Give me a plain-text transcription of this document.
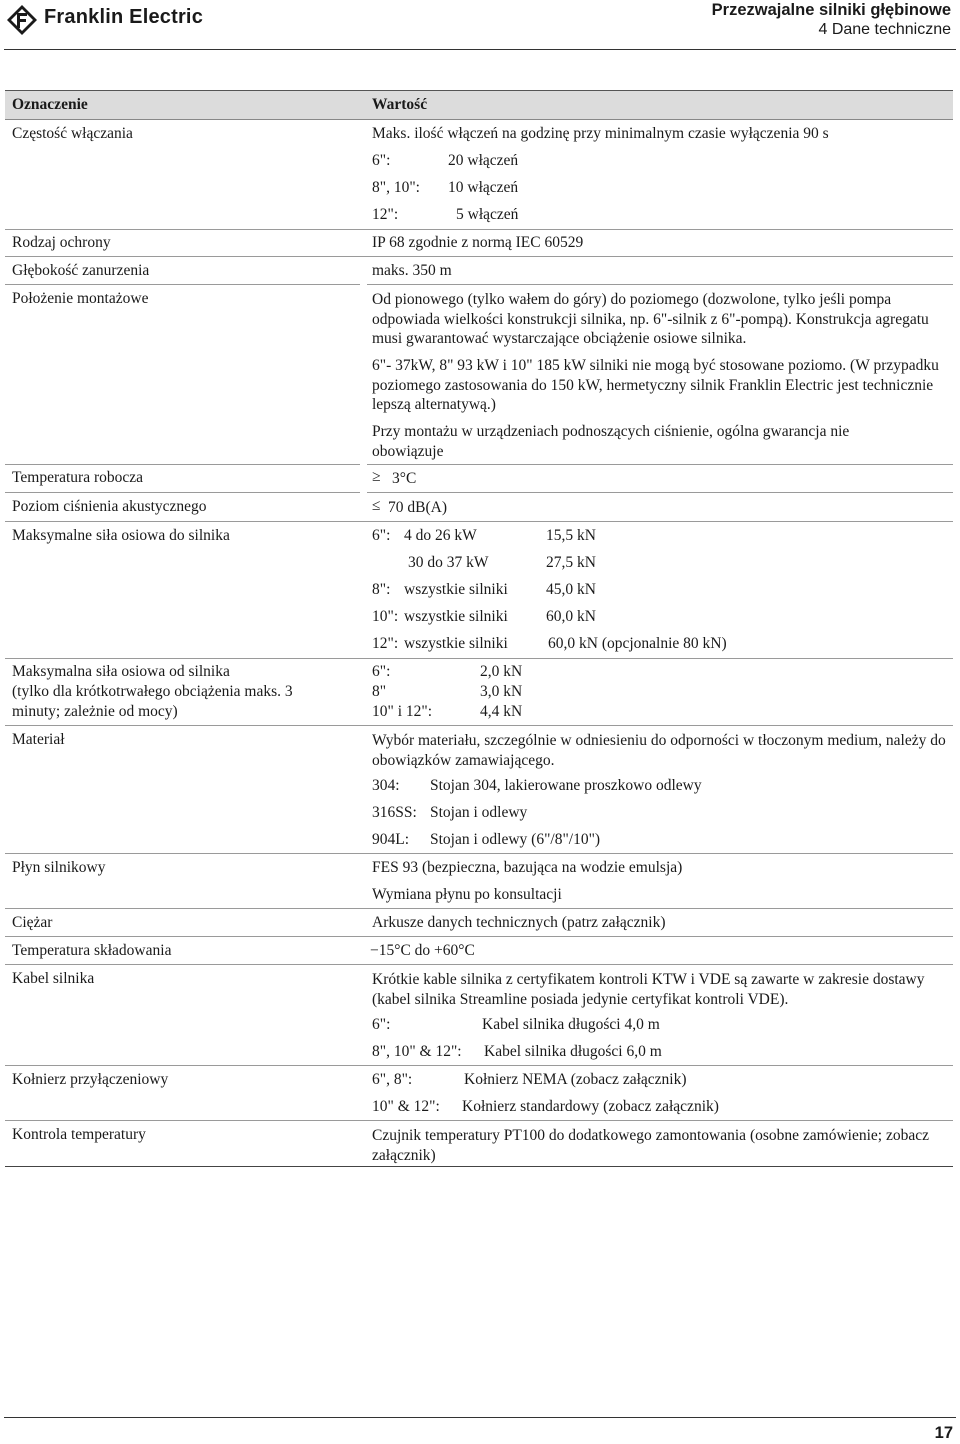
Franklin Electric	Przezwajalne silniki głębinowe
4 Dane techniczne
Oznaczenie	Wartość
Częstość włączania	Maks. ilość włączeń na godzinę przy minimalnym czasie wyłączenia 90 s
6":	20 włączeń
8", 10": 10 włączeń
12":	5 włączeń
Rodzaj ochrony	IP 68 zgodnie z normą IEC 60529
Głębokość zanurzenia	maks. 350 m
Położenie montażowe	Od pionowego (tylko wałem do góry) do poziomego (dozwolone, tylko jeśli pompa odpowiada wielkości konstrukcji silnika, np. 6"-silnik z 6"-pompą). Konstrukcja agregatu musi gwarantować wystarczające obciążenie osiowe silnika.
6"- 37kW, 8" 93 kW i 10" 185 kW silniki nie mogą być stosowane poziomo. (W przypadku poziomego zastosowania do 150 kW, hermetyczny silnik Franklin Electric jest technicznie lepszą alternatywą.)
Przy montażu w urządzeniach podnoszących ciśnienie, ogólna gwarancja nie obowiązuje
Temperatura robocza	≥ 3°C
Poziom ciśnienia akustycznego	≤ 70 dB(A)
Maksymalne siła osiowa do silnika	6": 4 do 26 kW	15,5 kN
30 do 37 kW	27,5 kN
8": wszystkie silniki 45,0 kN
10": wszystkie silniki 60,0 kN
12": wszystkie silniki	60,0 kN (opcjonalnie 80 kN)
Maksymalna siła osiowa od silnika
(tylko dla krótkotrwałego obciążenia maks. 3
minuty; zależnie od mocy)
6":	2,0 kN
8"	3,0 kN
10" i 12":	4,4 kN
Materiał	Wybór materiału, szczególnie w odniesieniu do odporności w tłoczonym medium, należy do obowiązków zamawiającego.
304: Stojan 304, lakierowane proszkowo odlewy
316SS: Stojan i odlewy
904L: Stojan i odlewy (6"/8"/10")
Płyn silnikowy	FES 93 (bezpieczna, bazująca na wodzie emulsja)
Wymiana płynu po konsultacji
Ciężar	Arkusze danych technicznych (patrz załącznik)
Temperatura składowania	−15°C do +60°C
Kabel silnika	Krótkie kable silnika z certyfikatem kontroli KTW i VDE są zawarte w zakresie dostawy (kabel silnika Streamline posiada jedynie certyfikat kontroli VDE).
6":	Kabel silnika długości 4,0 m
8", 10" & 12": Kabel silnika długości 6,0 m
Kołnierz przyłączeniowy	6", 8":	Kołnierz NEMA (zobacz załącznik)
10" & 12": Kołnierz standardowy (zobacz załącznik)
Kontrola temperatury	Czujnik temperatury PT100 do dodatkowego zamontowania (osobne zamówienie; zobacz załącznik)
17
